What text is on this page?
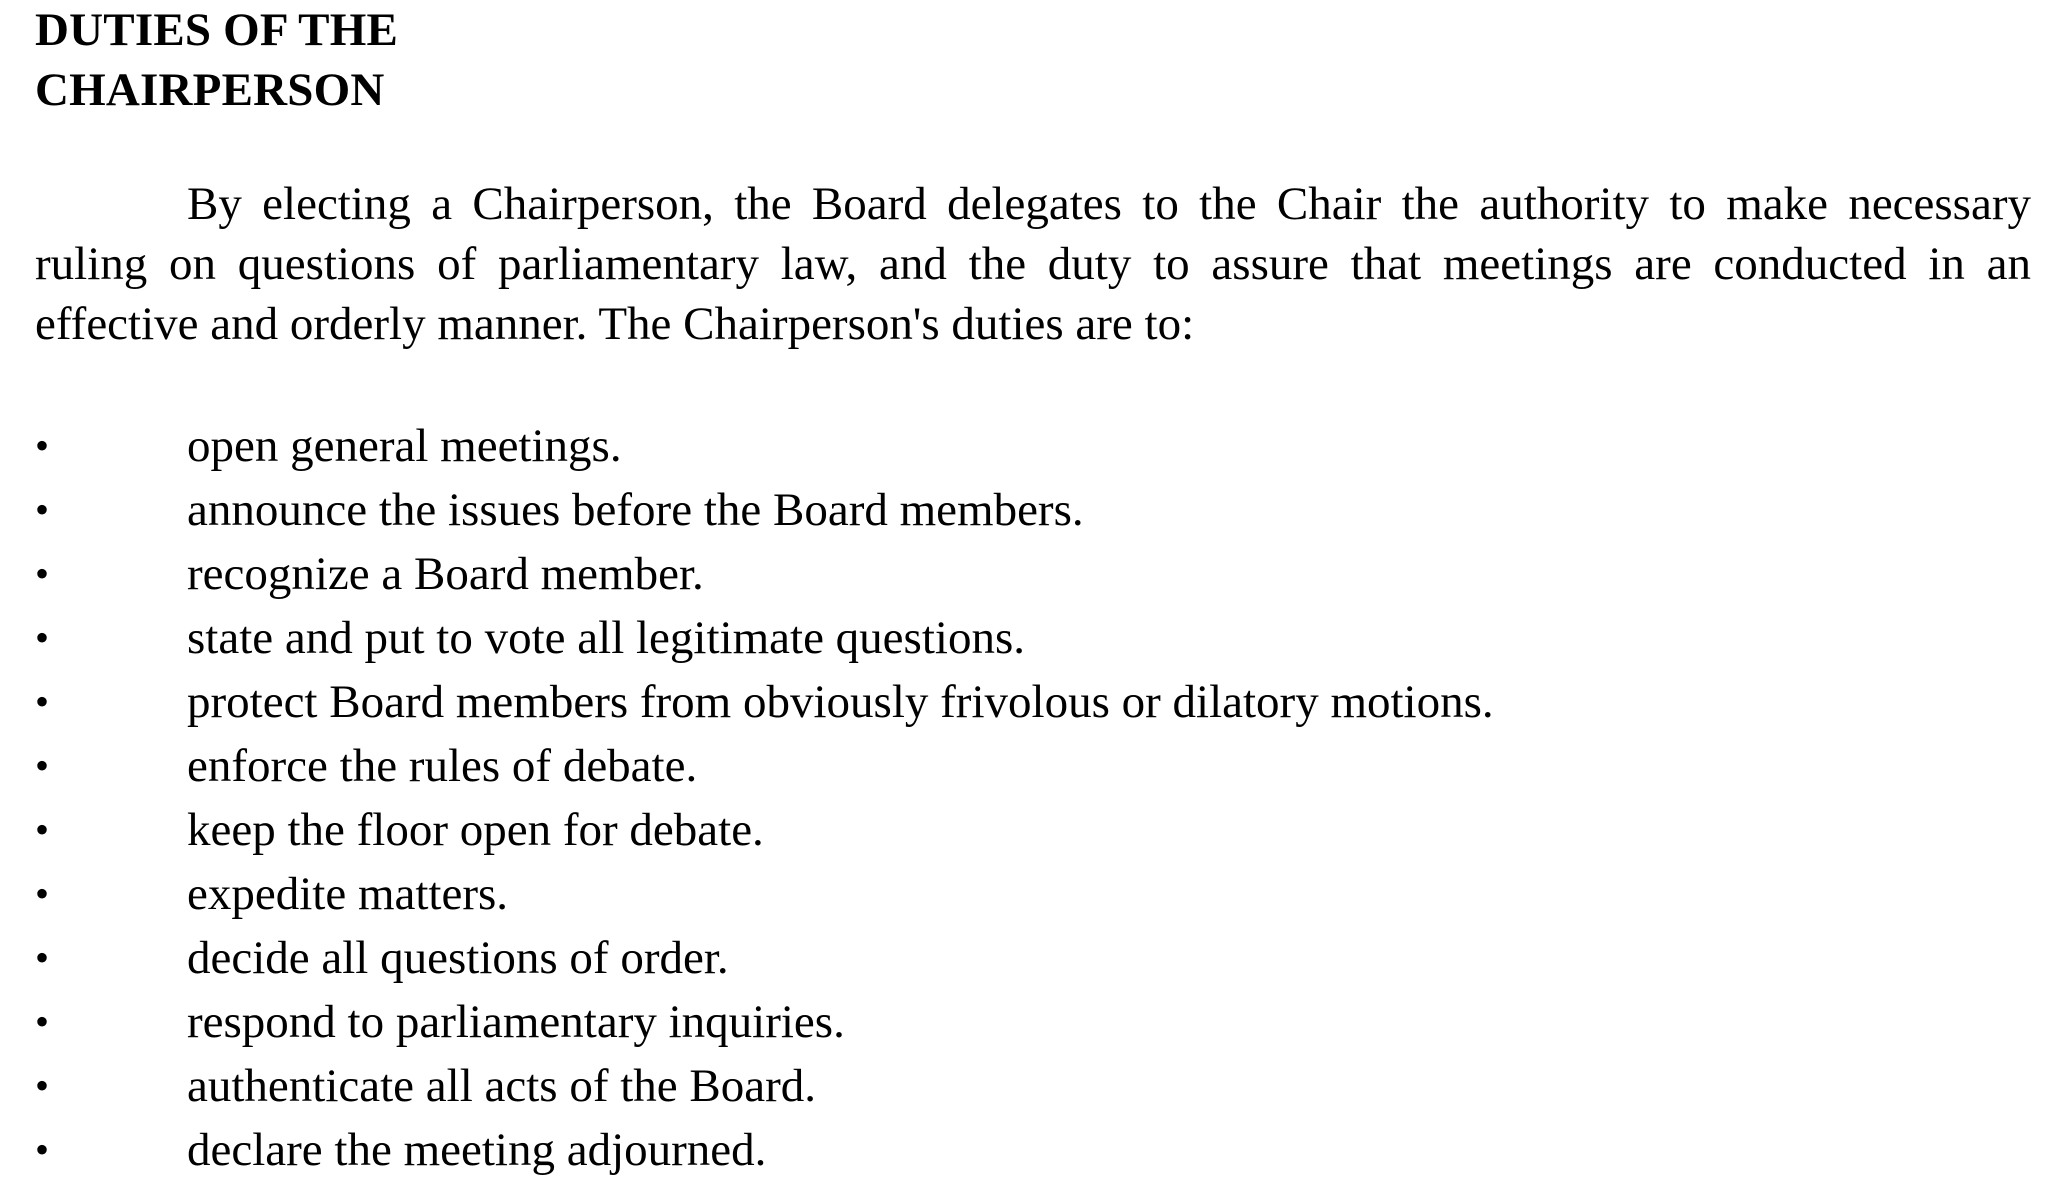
DUTIES OF THE
CHAIRPERSON

By electing a Chairperson, the Board delegates to the Chair the authority to make necessary ruling on questions of parliamentary law, and the duty to assure that meetings are conducted in an effective and orderly manner. The Chairperson's duties are to:

•	open general meetings.
•	announce the issues before the Board members.
•	recognize a Board member.
•	state and put to vote all legitimate questions.
•	protect Board members from obviously frivolous or dilatory motions.
•	enforce the rules of debate.
•	keep the floor open for debate.
•	expedite matters.
•	decide all questions of order.
•	respond to parliamentary inquiries.
•	authenticate all acts of the Board.
•	declare the meeting adjourned.
